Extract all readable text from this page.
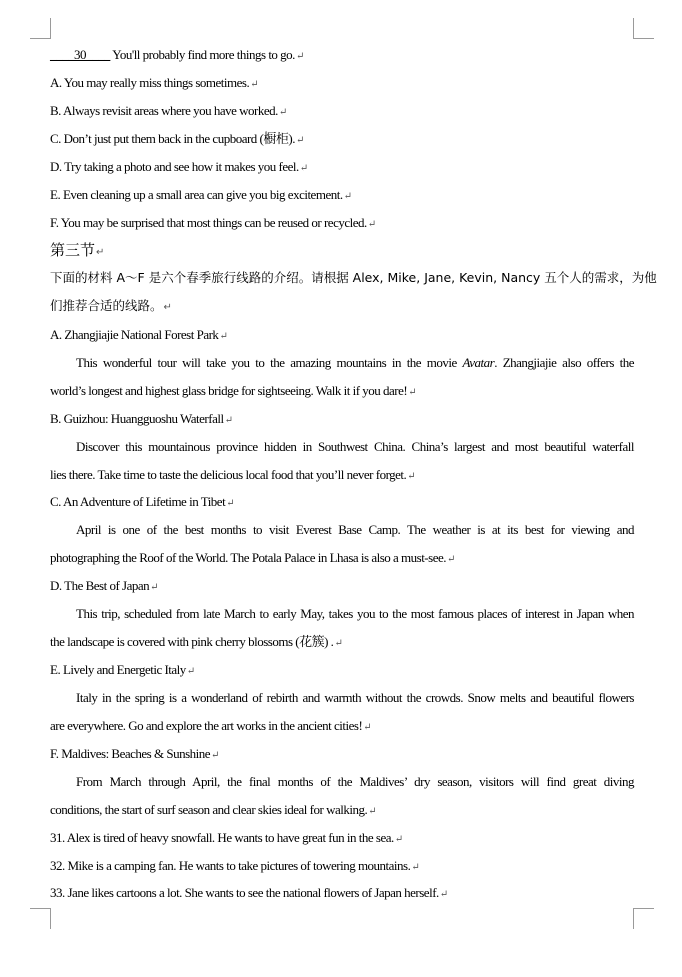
____30____ You'll probably find more things to go.↵
A. You may really miss things sometimes.↵
B. Always revisit areas where you have worked.↵
C. Don’t just put them back in the cupboard (橱柜).↵
D. Try taking a photo and see how it makes you feel.↵
E. Even cleaning up a small area can give you big excitement.↵
F. You may be surprised that most things can be reused or recycled.↵
第三节↵
下面的材料 A～F 是六个春季旅行线路的介绍。请根据 Alex, Mike, Jane, Kevin, Nancy 五个人的需求，为他
们推荐合适的线路。↵
A. Zhangjiajie National Forest Park↵
This wonderful tour will take you to the amazing mountains in the movie Avatar. Zhangjiajie also offers the
world’s longest and highest glass bridge for sightseeing. Walk it if you dare!↵
B. Guizhou: Huangguoshu Waterfall↵
Discover this mountainous province hidden in Southwest China. China’s largest and most beautiful waterfall
lies there. Take time to taste the delicious local food that you’ll never forget.↵
C. An Adventure of Lifetime in Tibet↵
April is one of the best months to visit Everest Base Camp. The weather is at its best for viewing and
photographing the Roof of the World. The Potala Palace in Lhasa is also a must-see.↵
D. The Best of Japan↵
This trip, scheduled from late March to early May, takes you to the most famous places of interest in Japan when
the landscape is covered with pink cherry blossoms (花簇) .↵
E. Lively and Energetic Italy↵
Italy in the spring is a wonderland of rebirth and warmth without the crowds. Snow melts and beautiful flowers
are everywhere. Go and explore the art works in the ancient cities!↵
F. Maldives: Beaches & Sunshine↵
From March through April, the final months of the Maldives’ dry season, visitors will find great diving
conditions, the start of surf season and clear skies ideal for walking.↵
31. Alex is tired of heavy snowfall. He wants to have great fun in the sea.↵
32. Mike is a camping fan. He wants to take pictures of towering mountains.↵
33. Jane likes cartoons a lot. She wants to see the national flowers of Japan herself.↵
